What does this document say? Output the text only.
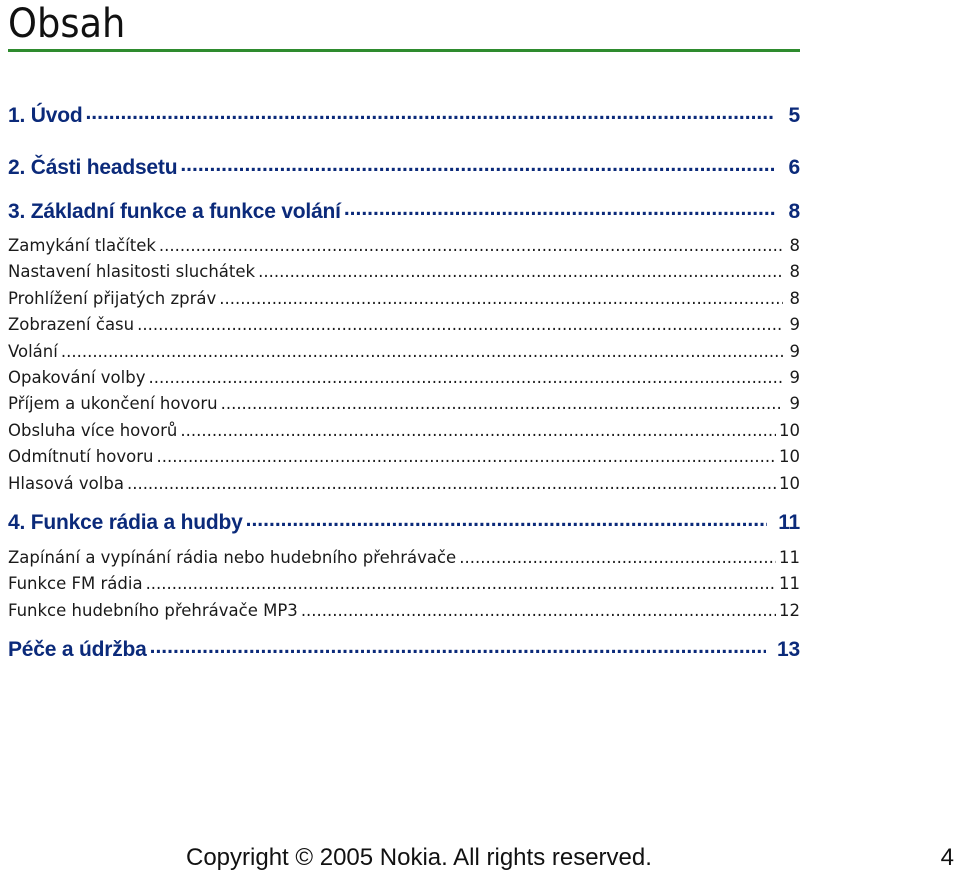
Obsah
1. Úvod .....	5
2. Části headsetu .....	6
3. Základní funkce a funkce volání .....	8
Zamykání tlačítek .....	8
Nastavení hlasitosti sluchátek .....	8
Prohlížení přijatých zpráv .....	8
Zobrazení času .....	9
Volání .....	9
Opakování volby .....	9
Příjem a ukončení hovoru .....	9
Obsluha více hovorů .....	10
Odmítnutí hovoru .....	10
Hlasová volba .....	10
4. Funkce rádia a hudby .....	11
Zapínání a vypínání rádia nebo hudebního přehrávače .....	11
Funkce FM rádia .....	11
Funkce hudebního přehrávače MP3 .....	12
Péče a údržba .....	13
Copyright © 2005 Nokia. All rights reserved.	4
